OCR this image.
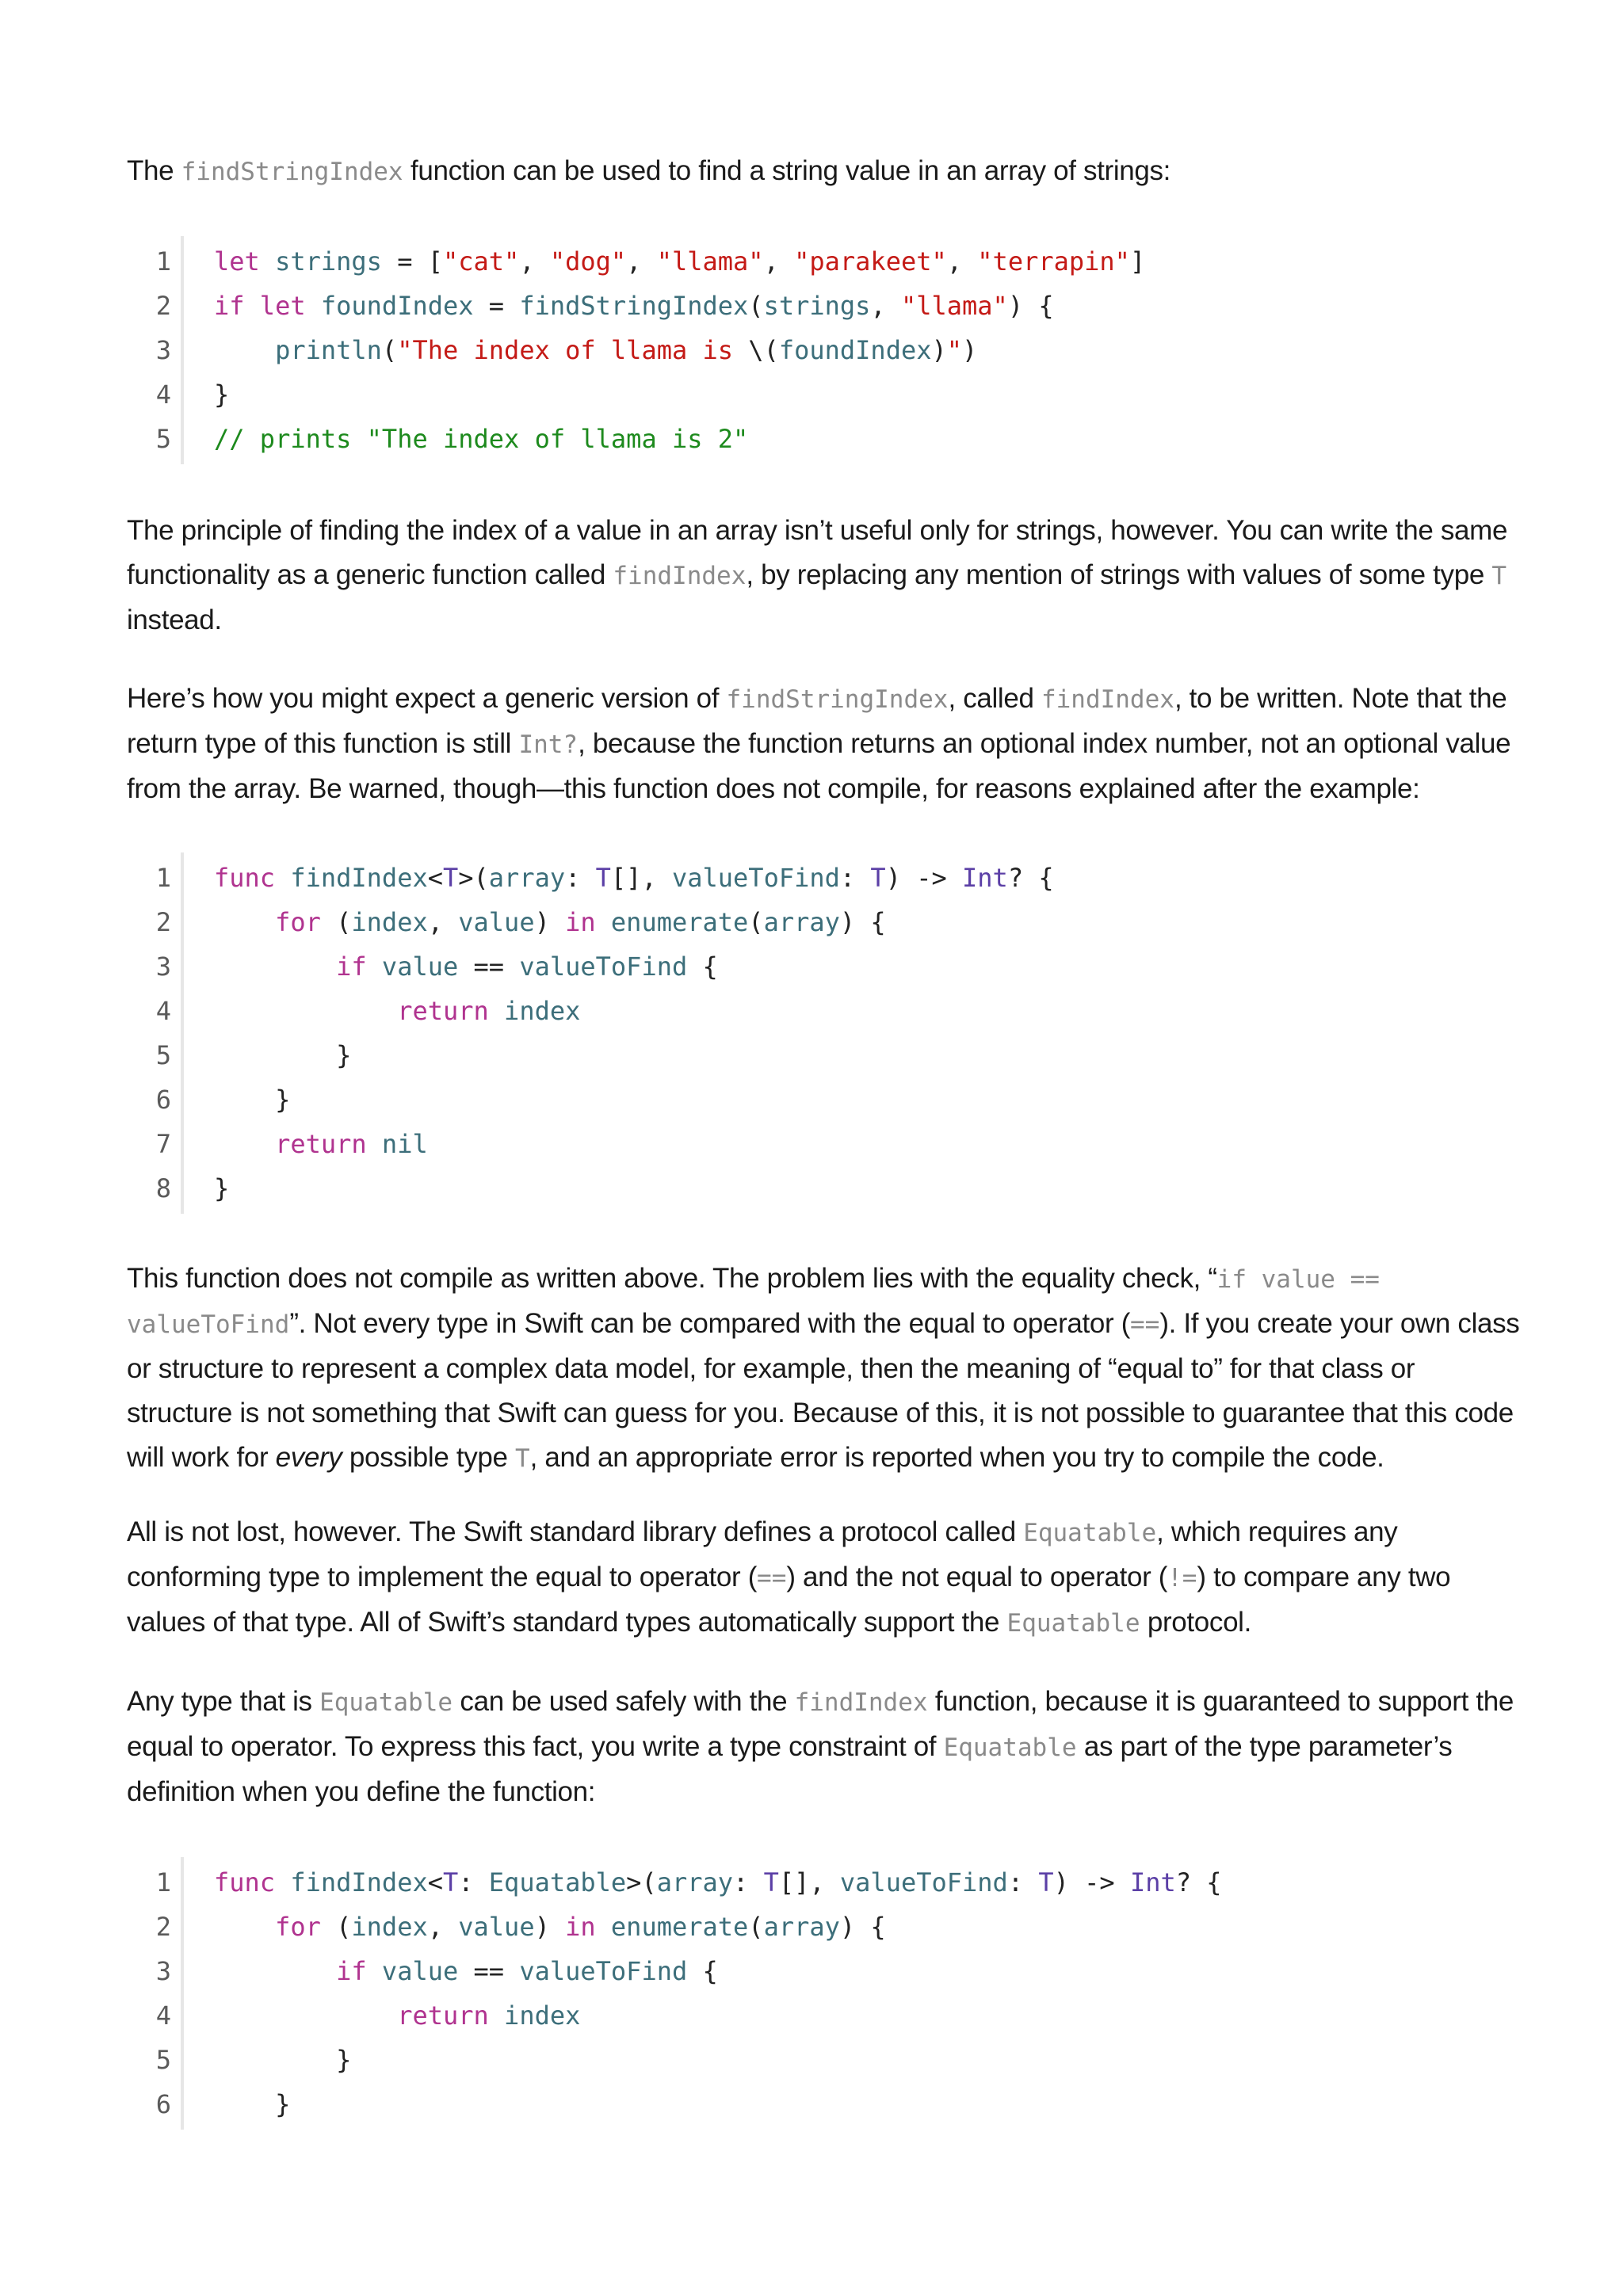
The findStringIndex function can be used to find a string value in an array of strings:

1 let strings = ["cat", "dog", "llama", "parakeet", "terrapin"]
2 if let foundIndex = findStringIndex(strings, "llama") {
3	println("The index of llama is \(foundIndex)")
4 }
5 // prints "The index of llama is 2"

The principle of finding the index of a value in an array isn’t useful only for strings, however. You can write the same functionality as a generic function called findIndex, by replacing any mention of strings with values of some type T instead.

Here’s how you might expect a generic version of findStringIndex, called findIndex, to be written. Note that the return type of this function is still Int?, because the function returns an optional index number, not an optional value from the array. Be warned, though—this function does not compile, for reasons explained after the example:

1 func findIndex<T>(array: T[], valueToFind: T) -> Int? {
2	for (index, value) in enumerate(array) {
3	if value == valueToFind {
4	return index
5 }
6 }
7	return nil
8 }

This function does not compile as written above. The problem lies with the equality check, “if value == valueToFind”. Not every type in Swift can be compared with the equal to operator (==). If you create your own class or structure to represent a complex data model, for example, then the meaning of “equal to” for that class or structure is not something that Swift can guess for you. Because of this, it is not possible to guarantee that this code will work for every possible type T, and an appropriate error is reported when you try to compile the code.

All is not lost, however. The Swift standard library defines a protocol called Equatable, which requires any conforming type to implement the equal to operator (==) and the not equal to operator (!=) to compare any two values of that type. All of Swift’s standard types automatically support the Equatable protocol.

Any type that is Equatable can be used safely with the findIndex function, because it is guaranteed to support the equal to operator. To express this fact, you write a type constraint of Equatable as part of the type parameter’s definition when you define the function:

1 func findIndex<T: Equatable>(array: T[], valueToFind: T) -> Int? {
2	for (index, value) in enumerate(array) {
3	if value == valueToFind {
4	return index
5 }
6 }
